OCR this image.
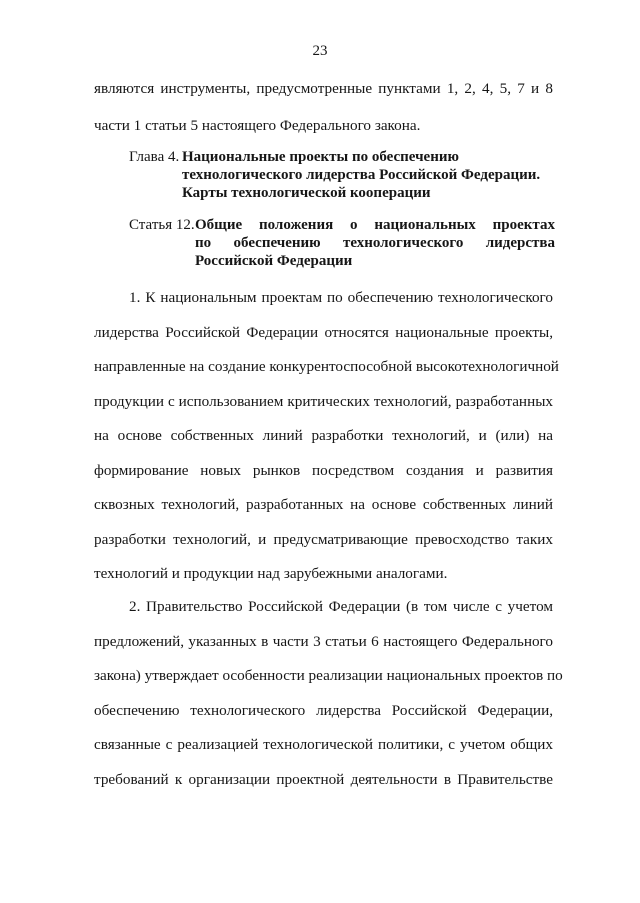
23
являются инструменты, предусмотренные пунктами 1, 2, 4, 5, 7 и 8
части 1 статьи 5 настоящего Федерального закона.
Глава 4. Национальные проекты по обеспечению
технологического лидерства Российской Федерации.
Карты технологической кооперации
Статья 12. Общие положения о национальных проектах
по обеспечению технологического лидерства
Российской Федерации
1. К национальным проектам по обеспечению технологического
лидерства Российской Федерации относятся национальные проекты,
направленные на создание конкурентоспособной высокотехнологичной
продукции с использованием критических технологий, разработанных
на основе собственных линий разработки технологий, и (или) на
формирование новых рынков посредством создания и развития
сквозных технологий, разработанных на основе собственных линий
разработки технологий, и предусматривающие превосходство таких
технологий и продукции над зарубежными аналогами.
2. Правительство Российской Федерации (в том числе с учетом
предложений, указанных в части 3 статьи 6 настоящего Федерального
закона) утверждает особенности реализации национальных проектов по
обеспечению технологического лидерства Российской Федерации,
связанные с реализацией технологической политики, с учетом общих
требований к организации проектной деятельности в Правительстве
